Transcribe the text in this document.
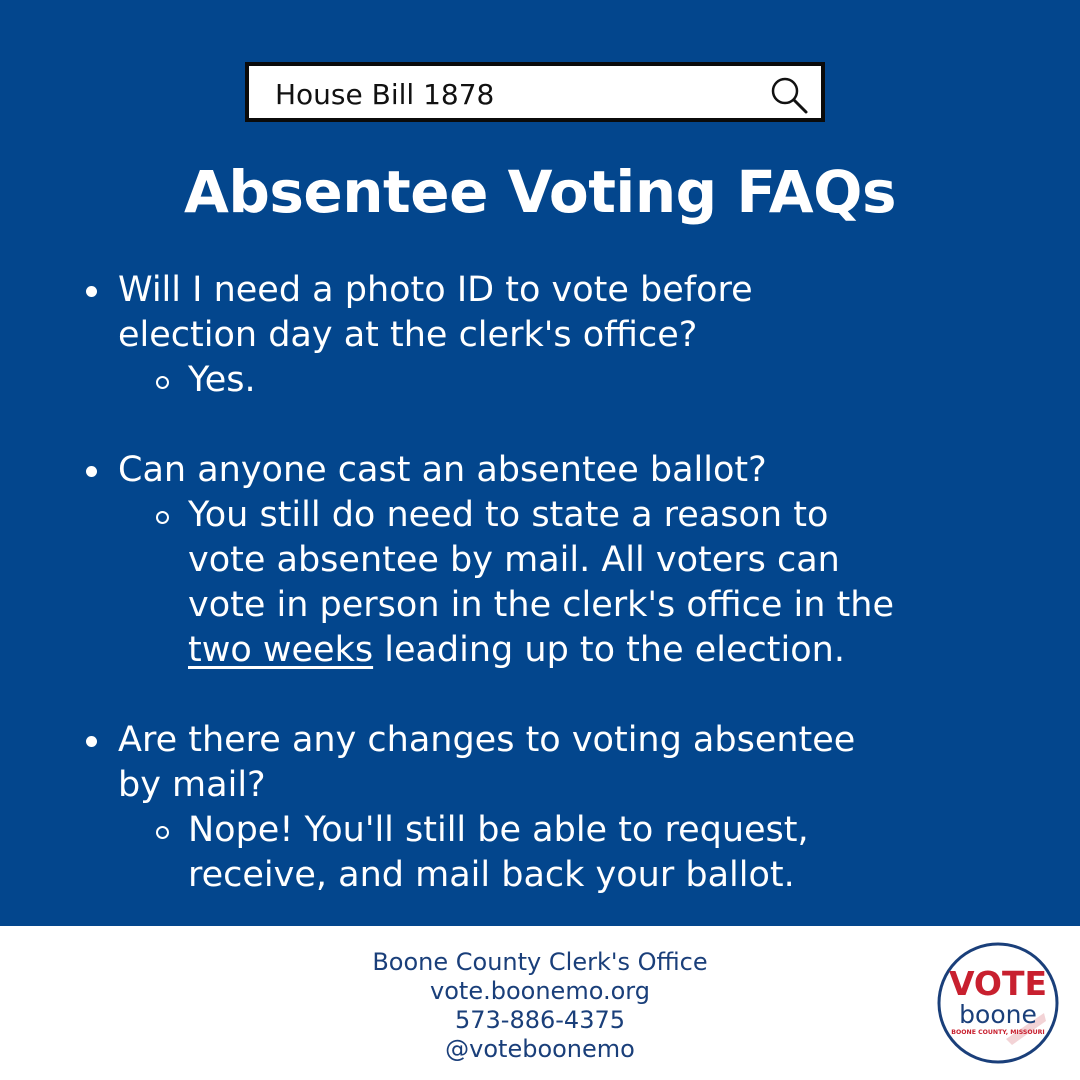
House Bill 1878
Absentee Voting FAQs
Will I need a photo ID to vote before
election day at the clerk's office?
Yes.
Can anyone cast an absentee ballot?
You still do need to state a reason to
vote absentee by mail. All voters can
vote in person in the clerk's office in the
two weeks leading up to the election.
Are there any changes to voting absentee
by mail?
Nope! You'll still be able to request,
receive, and mail back your ballot.
Boone County Clerk's Office
vote.boonemo.org
573-886-4375
@voteboonemo
VOTE
boone
BOONE COUNTY, MISSOURI
